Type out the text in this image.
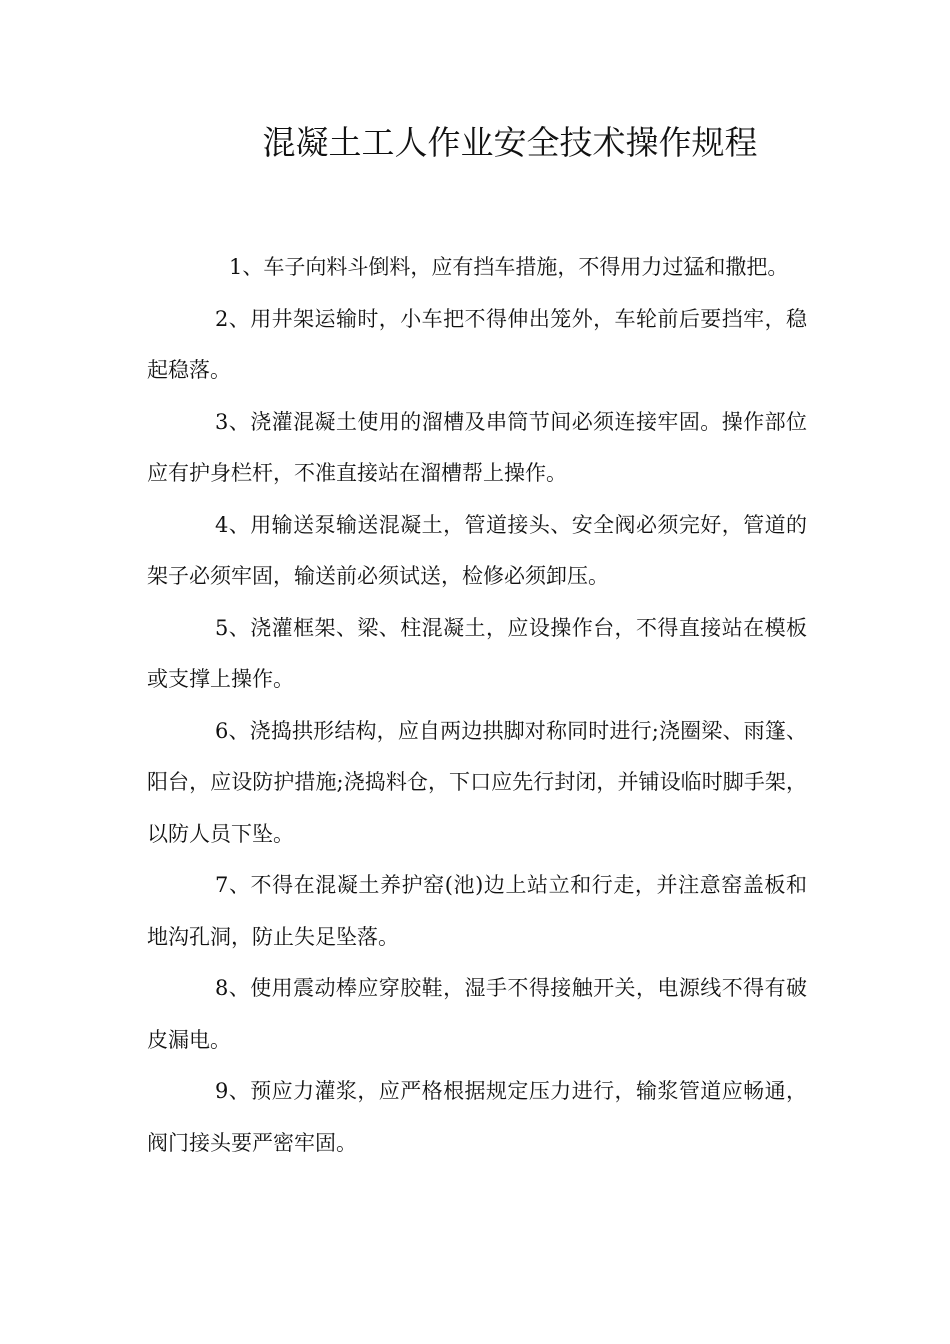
混凝土工人作业安全技术操作规程

1、车子向料斗倒料，应有挡车措施，不得用力过猛和撒把。

2、用井架运输时，小车把不得伸出笼外，车轮前后要挡牢，稳起稳落。

3、浇灌混凝土使用的溜槽及串筒节间必须连接牢固。操作部位应有护身栏杆，不准直接站在溜槽帮上操作。

4、用输送泵输送混凝土，管道接头、安全阀必须完好，管道的架子必须牢固，输送前必须试送，检修必须卸压。

5、浇灌框架、梁、柱混凝土，应设操作台，不得直接站在模板或支撑上操作。

6、浇捣拱形结构，应自两边拱脚对称同时进行;浇圈梁、雨篷、阳台，应设防护措施;浇捣料仓，下口应先行封闭，并铺设临时脚手架，以防人员下坠。

7、不得在混凝土养护窑(池)边上站立和行走，并注意窑盖板和地沟孔洞，防止失足坠落。

8、使用震动棒应穿胶鞋，湿手不得接触开关，电源线不得有破皮漏电。

9、预应力灌浆，应严格根据规定压力进行，输浆管道应畅通，阀门接头要严密牢固。
